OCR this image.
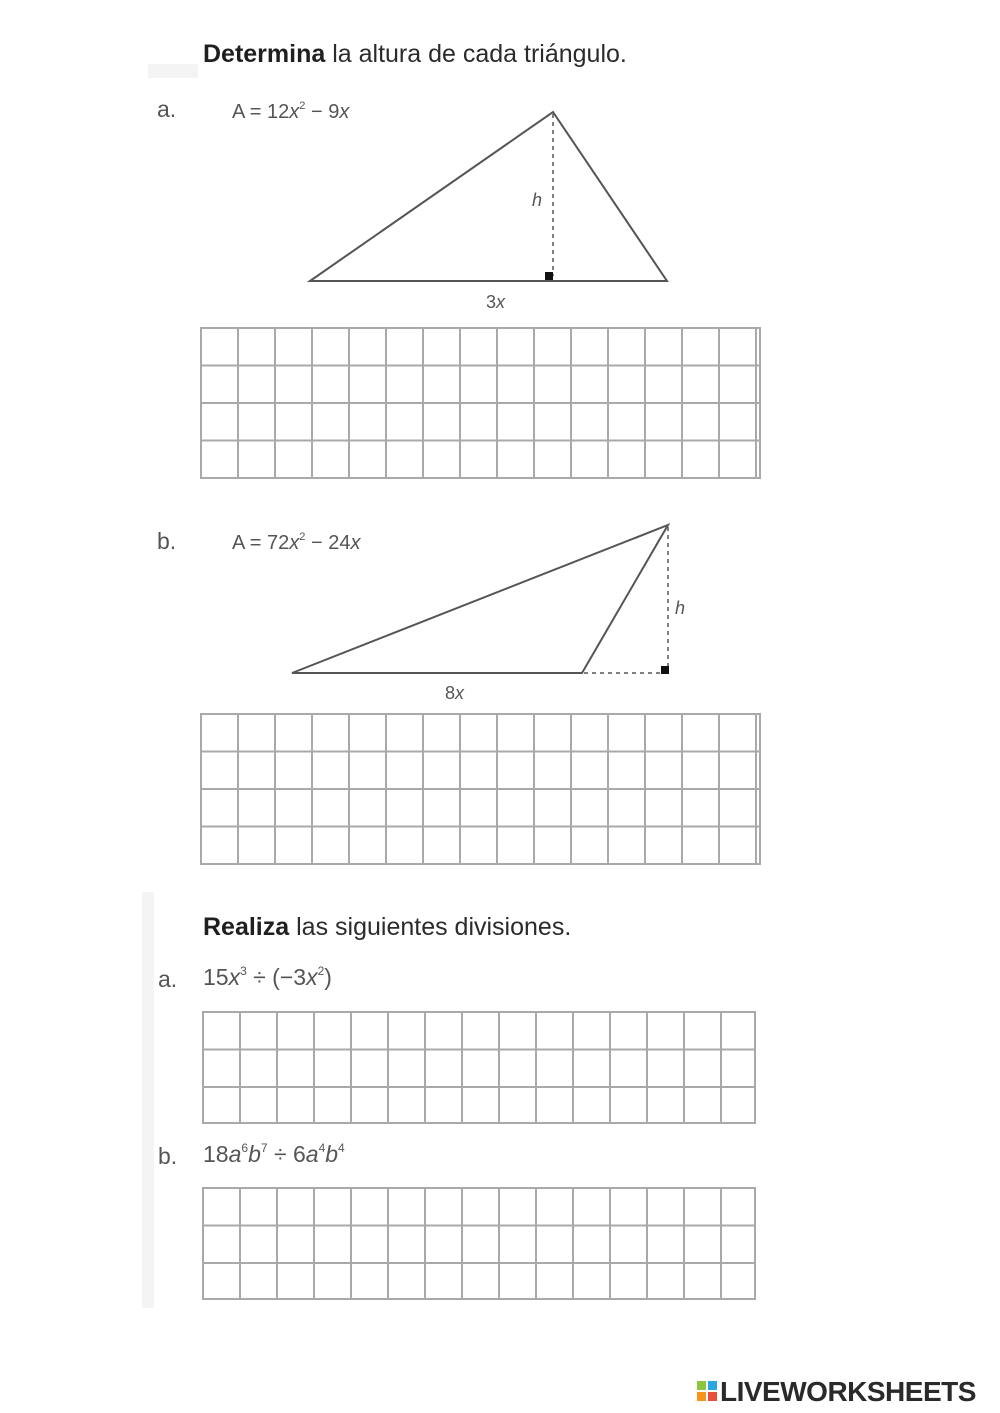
Determina la altura de cada triángulo.
a.	$A = 12x^2 - 9x$
h
3x
b.	$A = 72x^2 - 24x$
h
8x
Realiza las siguientes divisiones.
a. $15x^3 \div (-3x^2)$
b. $18a^6b^7 \div 6a^4b^4$
LIVEWORKSHEETS
